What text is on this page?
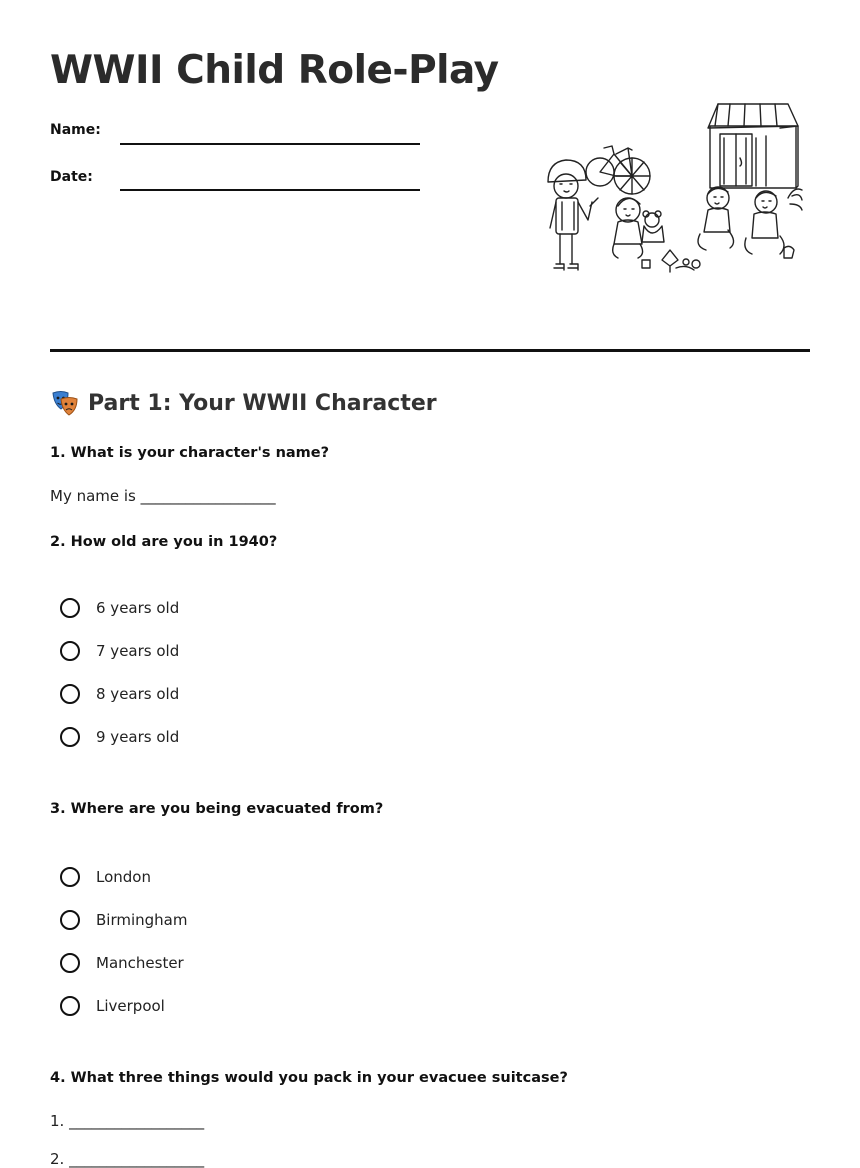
WWII Child Role-Play
Name:
Date:
Part 1: Your WWII Character
1. What is your character's name?
My name is __________________
2. How old are you in 1940?
6 years old
7 years old
8 years old
9 years old
3. Where are you being evacuated from?
London
Birmingham
Manchester
Liverpool
4. What three things would you pack in your evacuee suitcase?
1. __________________
2. __________________
